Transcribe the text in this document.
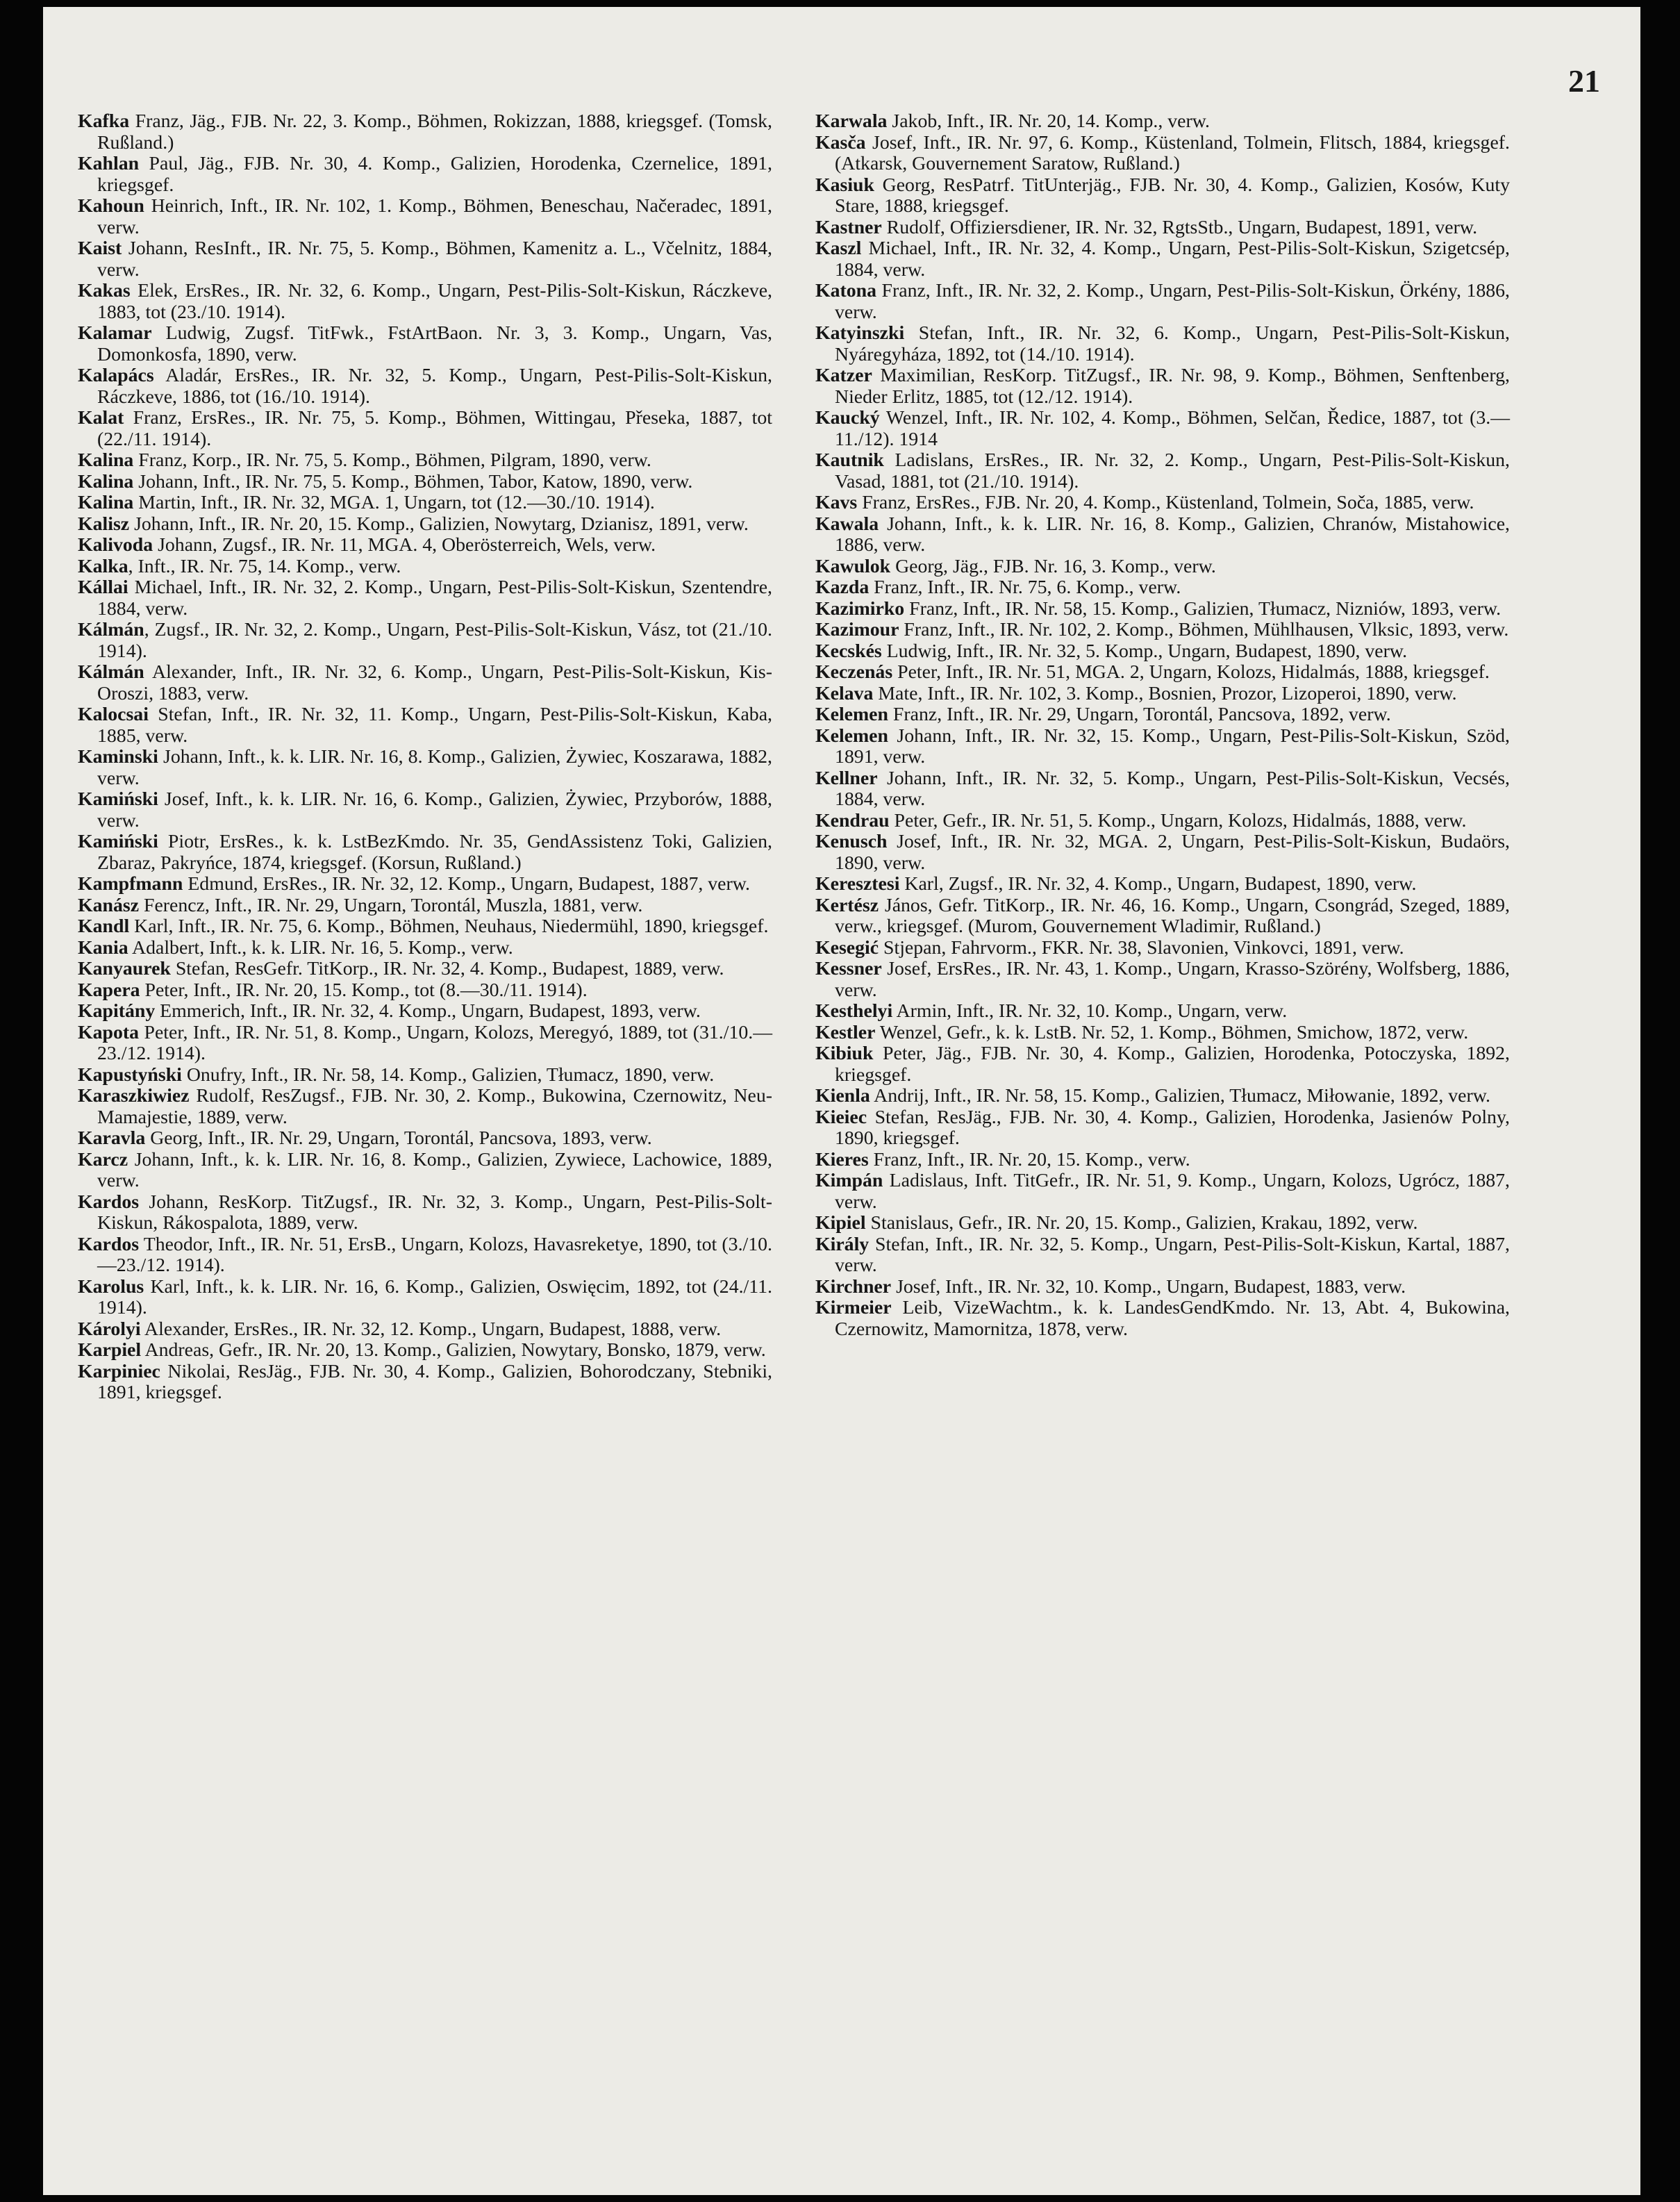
21

Kafka Franz, Jäg., FJB. Nr. 22, 3. Komp., Böhmen, Rokizzan, 1888, kriegsgef. (Tomsk, Rußland.)

Kahlan Paul, Jäg., FJB. Nr. 30, 4. Komp., Galizien, Horodenka, Czernelice, 1891, kriegsgef.

Kahoun Heinrich, Inft., IR. Nr. 102, 1. Komp., Böhmen, Beneschau, Načeradec, 1891, verw.

Kaist Johann, ResInft., IR. Nr. 75, 5. Komp., Böhmen, Kamenitz a. L., Včelnitz, 1884, verw.

Kakas Elek, ErsRes., IR. Nr. 32, 6. Komp., Ungarn, Pest-Pilis-Solt-Kiskun, Ráczkeve, 1883, tot (23./10. 1914).

Kalamar Ludwig, Zugsf. TitFwk., FstArtBaon. Nr. 3, 3. Komp., Ungarn, Vas, Domonkosfa, 1890, verw.

Kalapács Aladár, ErsRes., IR. Nr. 32, 5. Komp., Ungarn, Pest-Pilis-Solt-Kiskun, Ráczkeve, 1886, tot (16./10. 1914).

Kalat Franz, ErsRes., IR. Nr. 75, 5. Komp., Böhmen, Wittingau, Přeseka, 1887, tot (22./11. 1914).

Kalina Franz, Korp., IR. Nr. 75, 5. Komp., Böhmen, Pilgram, 1890, verw.

Kalina Johann, Inft., IR. Nr. 75, 5. Komp., Böhmen, Tabor, Katow, 1890, verw.

Kalina Martin, Inft., IR. Nr. 32, MGA. 1, Ungarn, tot (12.—30./10. 1914).

Kalisz Johann, Inft., IR. Nr. 20, 15. Komp., Galizien, Nowytarg, Dzianisz, 1891, verw.

Kalivoda Johann, Zugsf., IR. Nr. 11, MGA. 4, Oberösterreich, Wels, verw.

Kalka, Inft., IR. Nr. 75, 14. Komp., verw.

Kállai Michael, Inft., IR. Nr. 32, 2. Komp., Ungarn, Pest-Pilis-Solt-Kiskun, Szentendre, 1884, verw.

Kálmán, Zugsf., IR. Nr. 32, 2. Komp., Ungarn, Pest-Pilis-Solt-Kiskun, Vász, tot (21./10. 1914).

Kálmán Alexander, Inft., IR. Nr. 32, 6. Komp., Ungarn, Pest-Pilis-Solt-Kiskun, Kis-Oroszi, 1883, verw.

Kalocsai Stefan, Inft., IR. Nr. 32, 11. Komp., Ungarn, Pest-Pilis-Solt-Kiskun, Kaba, 1885, verw.

Kaminski Johann, Inft., k. k. LIR. Nr. 16, 8. Komp., Galizien, Żywiec, Koszarawa, 1882, verw.

Kamiński Josef, Inft., k. k. LIR. Nr. 16, 6. Komp., Galizien, Żywiec, Przyborów, 1888, verw.

Kamiński Piotr, ErsRes., k. k. LstBezKmdo. Nr. 35, GendAssistenz Toki, Galizien, Zbaraz, Pakryńce, 1874, kriegsgef. (Korsun, Rußland.)

Kampfmann Edmund, ErsRes., IR. Nr. 32, 12. Komp., Ungarn, Budapest, 1887, verw.

Kanász Ferencz, Inft., IR. Nr. 29, Ungarn, Torontál, Muszla, 1881, verw.

Kandl Karl, Inft., IR. Nr. 75, 6. Komp., Böhmen, Neuhaus, Niedermühl, 1890, kriegsgef.

Kania Adalbert, Inft., k. k. LIR. Nr. 16, 5. Komp., verw.

Kanyaurek Stefan, ResGefr. TitKorp., IR. Nr. 32, 4. Komp., Budapest, 1889, verw.

Kapera Peter, Inft., IR. Nr. 20, 15. Komp., tot (8.—30./11. 1914).

Kapitány Emmerich, Inft., IR. Nr. 32, 4. Komp., Ungarn, Budapest, 1893, verw.

Kapota Peter, Inft., IR. Nr. 51, 8. Komp., Ungarn, Kolozs, Meregyó, 1889, tot (31./10.—23./12. 1914).

Kapustyński Onufry, Inft., IR. Nr. 58, 14. Komp., Galizien, Tłumacz, 1890, verw.

Karaszkiwiez Rudolf, ResZugsf., FJB. Nr. 30, 2. Komp., Bukowina, Czernowitz, Neu-Mamajestie, 1889, verw.

Karavla Georg, Inft., IR. Nr. 29, Ungarn, Torontál, Pancsova, 1893, verw.

Karcz Johann, Inft., k. k. LIR. Nr. 16, 8. Komp., Galizien, Zywiece, Lachowice, 1889, verw.

Kardos Johann, ResKorp. TitZugsf., IR. Nr. 32, 3. Komp., Ungarn, Pest-Pilis-Solt-Kiskun, Rákospalota, 1889, verw.

Kardos Theodor, Inft., IR. Nr. 51, ErsB., Ungarn, Kolozs, Havasreketye, 1890, tot (3./10.—23./12. 1914).

Karolus Karl, Inft., k. k. LIR. Nr. 16, 6. Komp., Galizien, Oswięcim, 1892, tot (24./11. 1914).

Károlyi Alexander, ErsRes., IR. Nr. 32, 12. Komp., Ungarn, Budapest, 1888, verw.

Karpiel Andreas, Gefr., IR. Nr. 20, 13. Komp., Galizien, Nowytary, Bonsko, 1879, verw.

Karpiniec Nikolai, ResJäg., FJB. Nr. 30, 4. Komp., Galizien, Bohorodczany, Stebniki, 1891, kriegsgef.

Karwala Jakob, Inft., IR. Nr. 20, 14. Komp., verw.

Kasča Josef, Inft., IR. Nr. 97, 6. Komp., Küstenland, Tolmein, Flitsch, 1884, kriegsgef. (Atkarsk, Gouvernement Saratow, Rußland.)

Kasiuk Georg, ResPatrf. TitUnterjäg., FJB. Nr. 30, 4. Komp., Galizien, Kosów, Kuty Stare, 1888, kriegsgef.

Kastner Rudolf, Offiziersdiener, IR. Nr. 32, RgtsStb., Ungarn, Budapest, 1891, verw.

Kaszl Michael, Inft., IR. Nr. 32, 4. Komp., Ungarn, Pest-Pilis-Solt-Kiskun, Szigetcsép, 1884, verw.

Katona Franz, Inft., IR. Nr. 32, 2. Komp., Ungarn, Pest-Pilis-Solt-Kiskun, Örkény, 1886, verw.

Katyinszki Stefan, Inft., IR. Nr. 32, 6. Komp., Ungarn, Pest-Pilis-Solt-Kiskun, Nyáregyháza, 1892, tot (14./10. 1914).

Katzer Maximilian, ResKorp. TitZugsf., IR. Nr. 98, 9. Komp., Böhmen, Senftenberg, Nieder Erlitz, 1885, tot (12./12. 1914).

Kaucký Wenzel, Inft., IR. Nr. 102, 4. Komp., Böhmen, Selčan, Ředice, 1887, tot (3.—11./12). 1914

Kautnik Ladislans, ErsRes., IR. Nr. 32, 2. Komp., Ungarn, Pest-Pilis-Solt-Kiskun, Vasad, 1881, tot (21./10. 1914).

Kavs Franz, ErsRes., FJB. Nr. 20, 4. Komp., Küstenland, Tolmein, Soča, 1885, verw.

Kawala Johann, Inft., k. k. LIR. Nr. 16, 8. Komp., Galizien, Chranów, Mistahowice, 1886, verw.

Kawulok Georg, Jäg., FJB. Nr. 16, 3. Komp., verw.

Kazda Franz, Inft., IR. Nr. 75, 6. Komp., verw.

Kazimirko Franz, Inft., IR. Nr. 58, 15. Komp., Galizien, Tłumacz, Nizniów, 1893, verw.

Kazimour Franz, Inft., IR. Nr. 102, 2. Komp., Böhmen, Mühlhausen, Vlksic, 1893, verw.

Kecskés Ludwig, Inft., IR. Nr. 32, 5. Komp., Ungarn, Budapest, 1890, verw.

Keczenás Peter, Inft., IR. Nr. 51, MGA. 2, Ungarn, Kolozs, Hidalmás, 1888, kriegsgef.

Kelava Mate, Inft., IR. Nr. 102, 3. Komp., Bosnien, Prozor, Lizoperoi, 1890, verw.

Kelemen Franz, Inft., IR. Nr. 29, Ungarn, Torontál, Pancsova, 1892, verw.

Kelemen Johann, Inft., IR. Nr. 32, 15. Komp., Ungarn, Pest-Pilis-Solt-Kiskun, Szöd, 1891, verw.

Kellner Johann, Inft., IR. Nr. 32, 5. Komp., Ungarn, Pest-Pilis-Solt-Kiskun, Vecsés, 1884, verw.

Kendrau Peter, Gefr., IR. Nr. 51, 5. Komp., Ungarn, Kolozs, Hidalmás, 1888, verw.

Kenusch Josef, Inft., IR. Nr. 32, MGA. 2, Ungarn, Pest-Pilis-Solt-Kiskun, Budaörs, 1890, verw.

Keresztesi Karl, Zugsf., IR. Nr. 32, 4. Komp., Ungarn, Budapest, 1890, verw.

Kertész János, Gefr. TitKorp., IR. Nr. 46, 16. Komp., Ungarn, Csongrád, Szeged, 1889, verw., kriegsgef. (Murom, Gouvernement Wladimir, Rußland.)

Kesegić Stjepan, Fahrvorm., FKR. Nr. 38, Slavonien, Vinkovci, 1891, verw.

Kessner Josef, ErsRes., IR. Nr. 43, 1. Komp., Ungarn, Krasso-Szörény, Wolfsberg, 1886, verw.

Kesthelyi Armin, Inft., IR. Nr. 32, 10. Komp., Ungarn, verw.

Kestler Wenzel, Gefr., k. k. LstB. Nr. 52, 1. Komp., Böhmen, Smichow, 1872, verw.

Kibiuk Peter, Jäg., FJB. Nr. 30, 4. Komp., Galizien, Horodenka, Potoczyska, 1892, kriegsgef.

Kienla Andrij, Inft., IR. Nr. 58, 15. Komp., Galizien, Tłumacz, Miłowanie, 1892, verw.

Kieiec Stefan, ResJäg., FJB. Nr. 30, 4. Komp., Galizien, Horodenka, Jasienów Polny, 1890, kriegsgef.

Kieres Franz, Inft., IR. Nr. 20, 15. Komp., verw.

Kimpán Ladislaus, Inft. TitGefr., IR. Nr. 51, 9. Komp., Ungarn, Kolozs, Ugrócz, 1887, verw.

Kipiel Stanislaus, Gefr., IR. Nr. 20, 15. Komp., Galizien, Krakau, 1892, verw.

Király Stefan, Inft., IR. Nr. 32, 5. Komp., Ungarn, Pest-Pilis-Solt-Kiskun, Kartal, 1887, verw.

Kirchner Josef, Inft., IR. Nr. 32, 10. Komp., Ungarn, Budapest, 1883, verw.

Kirmeier Leib, VizeWachtm., k. k. LandesGendKmdo. Nr. 13, Abt. 4, Bukowina, Czernowitz, Mamornitza, 1878, verw.
